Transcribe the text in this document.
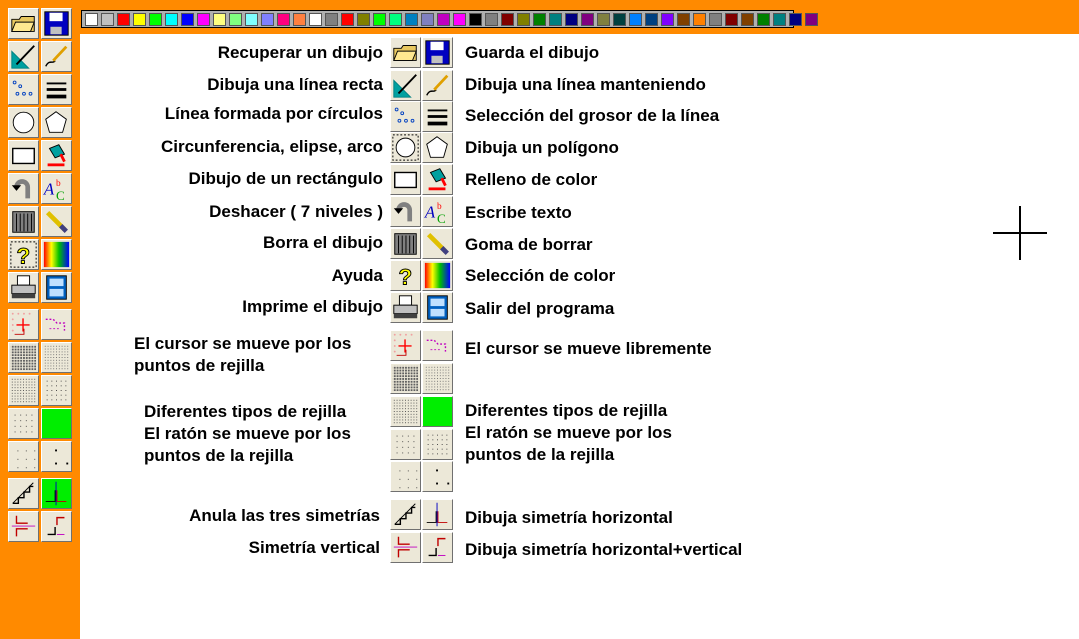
A C
b
?
Recuperar un dibujo
Dibuja una línea recta
Línea formada por círculos
Circunferencia, elipse, arco
Dibujo de un rectángulo
Deshacer ( 7 niveles )
Borra el dibujo
Ayuda
Imprime el dibujo
A C
b
?
Guarda el dibujo
Dibuja una línea manteniendo
Selección del grosor de la línea
Dibuja un polígono
Relleno de color
Escribe texto
Goma de borrar
Selección de color
Salir del programa
El cursor se mueve por los
puntos de rejilla
El cursor se mueve libremente
Diferentes tipos de rejilla
El ratón se mueve por los
puntos de la rejilla
Diferentes tipos de rejilla
El ratón se mueve por los
puntos de la rejilla
Anula las tres simetrías
Simetría vertical
Dibuja simetría horizontal
Dibuja simetría horizontal+vertical
